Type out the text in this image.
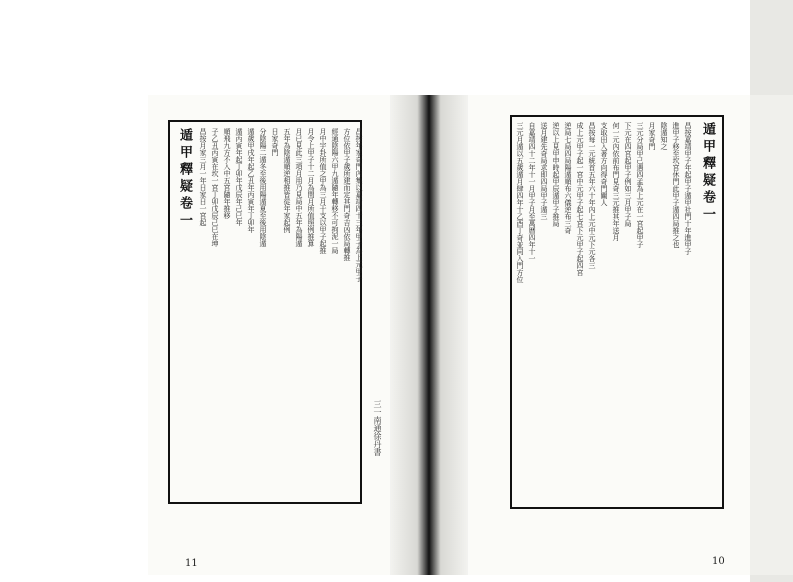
遁甲釋疑卷一	昌按年家奇門內集以嘉靖四十三年甲子為上元甲子
方位依甲子歲所建而定其門奇吉凶依局轉推
經通陰陽六甲九遁隨年轉移不可拘泥一局
月中宇卦所值之甲為三月干支以甲子起推
月令上甲子十二月為閏月所值照例推算
月已見此三項月用乃見局中五年為陽遁
五年為陰遁順逆相推皆從年家起例
日家奇門
分陰陽二遁冬至後用陽遁夏至後用陰遁
遁歲甲戌年起乙丑年丙寅年丁卯年
遁丙寅年起丁卯年戊辰年己巳年
順飛九方不入中五宮隨年推移
子乙丑丙寅在坎一宮丁卯戊辰己巳在坤
昌按月家三月一年日家日一宮起
三一南通徐丹書
11
遁甲釋疑卷一
昌按嘉靖甲子年起甲子遁甲社門十年進甲子
進甲子移至坎宮休門此甲子遁四局推之也
陰遁知之
月家奇門
三元分局甲己遇四孟為上元在一宮起甲子
下元在四宮起甲子例如三月甲子局
何一元內依前布門見奇三元推其年送月
支取田入著方向得奇門關人
昌按每一元統首五年六十年內上元中元下元各三
成上元甲子起一宮中元甲子起七宮下元甲子起四宮
逆局七局四局陽遁順布六儀逆布三奇
逆以上見甲申時起甲辰遁甲子推局
送月建先奇局求即四局甲子遁三
自嘉靖四十二年十一月甲子月至萬曆四年十一
三元月遁以五歲遁月肆四年十乙酉丁奇並同入門方位
10
